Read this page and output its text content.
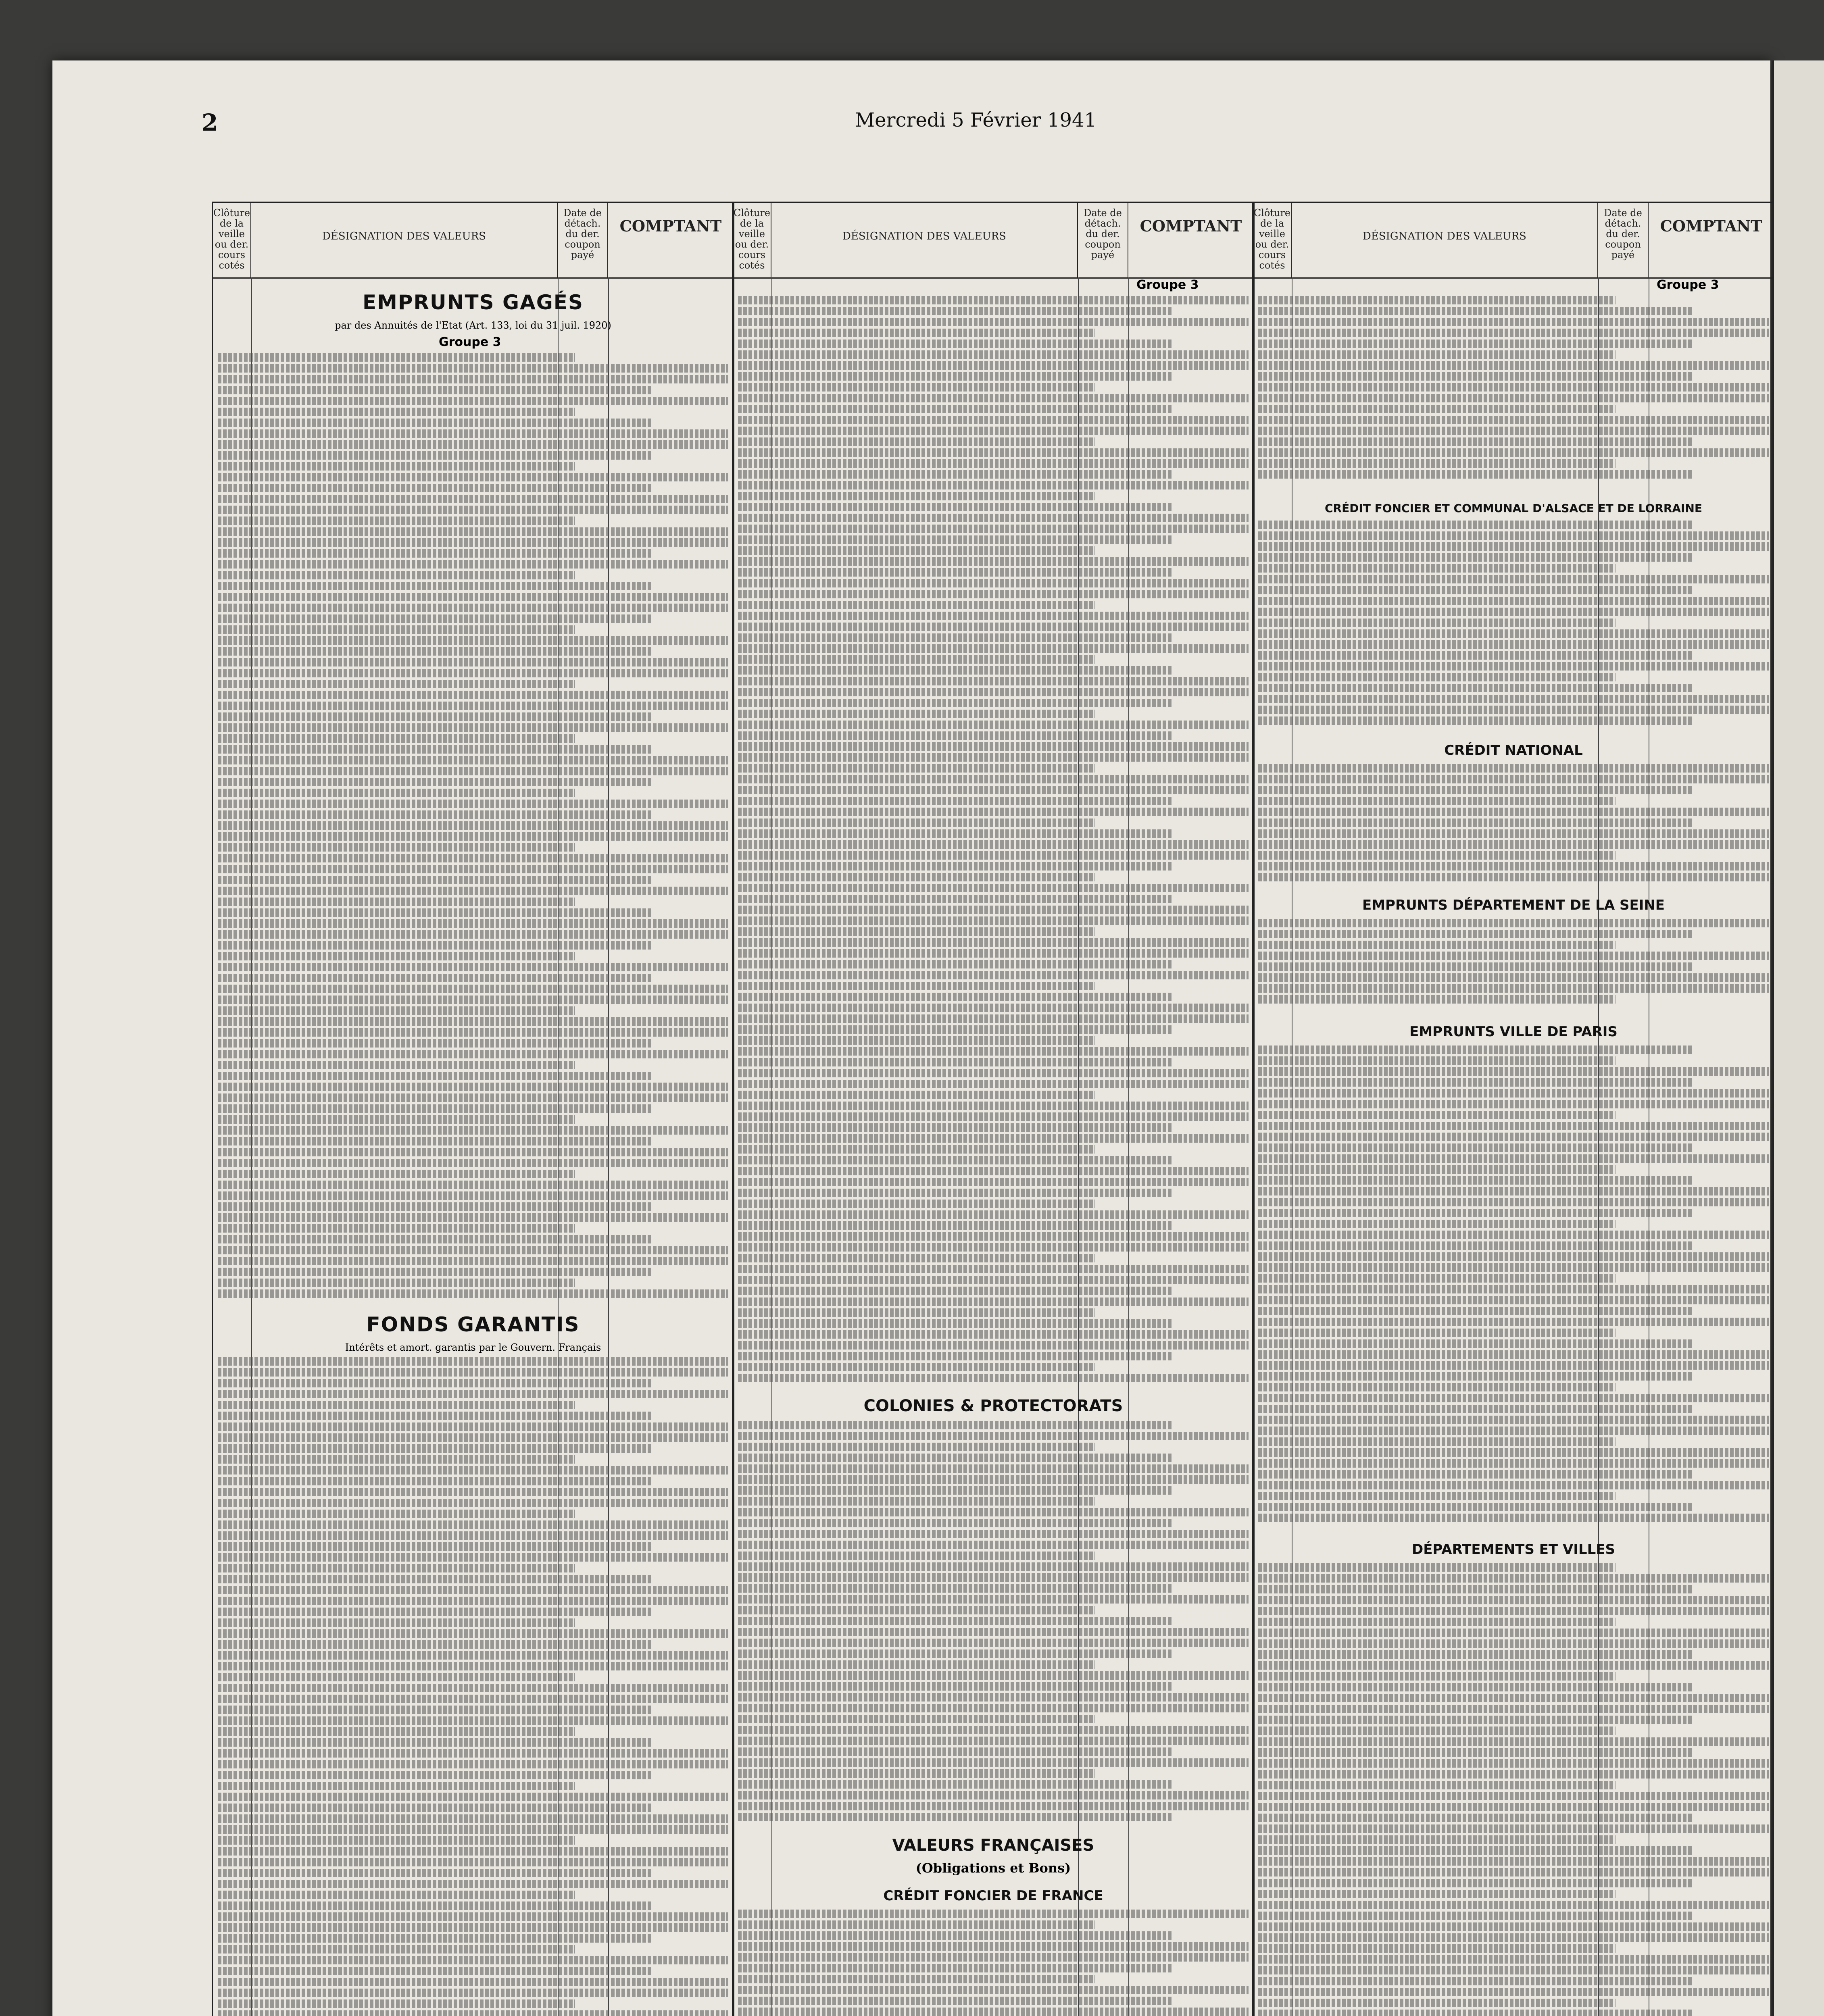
2	Mercredi 5 Février 1941
Clôture de la veille ou der. cours cotés
DÉSIGNATION DES VALEURS
Date de détach. du der. coupon payé
COMPTANT
EMPRUNTS GAGÉS
par des Annuités de l'Etat (Art. 133, loi du 31 juil. 1920)
Groupe 3
FONDS GARANTIS
Intérêts et amort. garantis par le Gouvern. Français
Clôture de la veille ou der. cours cotés
DÉSIGNATION DES VALEURS
Date de détach. du der. coupon payé
COMPTANT
Groupe 3
COLONIES & PROTECTORATS
VALEURS FRANÇAISES
(Obligations et Bons)
CRÉDIT FONCIER DE FRANCE
Clôture de la veille ou der. cours cotés
DÉSIGNATION DES VALEURS
Date de détach. du der. coupon payé
COMPTANT
Groupe 3
CRÉDIT FONCIER ET COMMUNAL D'ALSACE ET DE LORRAINE
CRÉDIT NATIONAL
EMPRUNTS DÉPARTEMENT DE LA SEINE
EMPRUNTS VILLE DE PARIS
DÉPARTEMENTS ET VILLES
